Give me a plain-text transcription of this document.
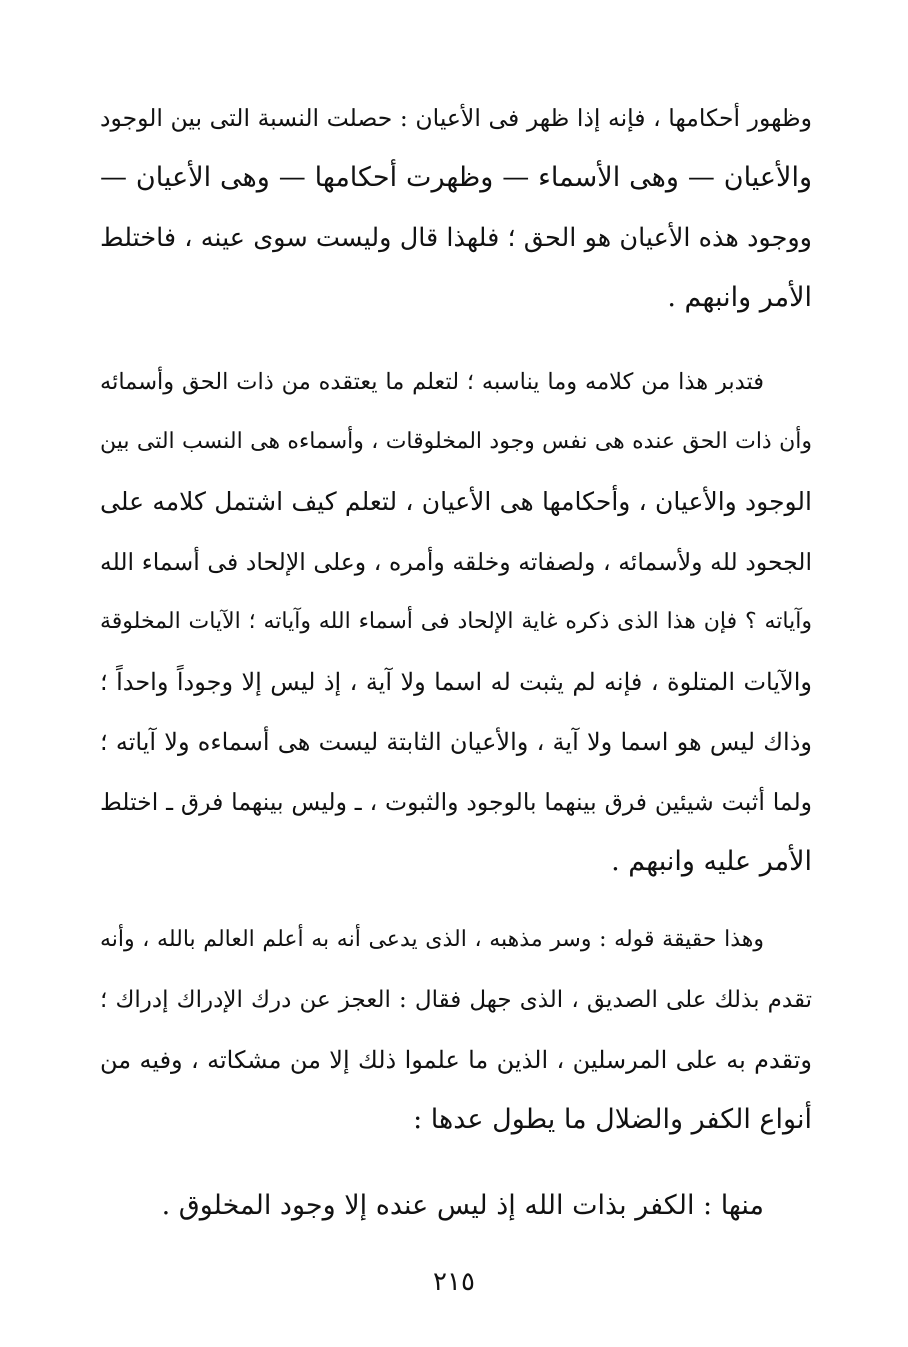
وظهور أحكامها ، فإنه إذا ظهر فى الأعيان : حصلت النسبة التى بين الوجود
والأعيان — وهى الأسماء — وظهرت أحكامها — وهى الأعيان —
ووجود هذه الأعيان هو الحق ؛ فلهذا قال وليست سوى عينه ، فاختلط
الأمر وانبهم .
فتدبر هذا من كلامه وما يناسبه ؛ لتعلم ما يعتقده من ذات الحق وأسمائه
وأن ذات الحق عنده هى نفس وجود المخلوقات ، وأسماءه هى النسب التى بين
الوجود والأعيان ، وأحكامها هى الأعيان ، لتعلم كيف اشتمل كلامه على
الجحود لله ولأسمائه ، ولصفاته وخلقه وأمره ، وعلى الإلحاد فى أسماء الله
وآياته ؟ فإن هذا الذى ذكره غاية الإلحاد فى أسماء الله وآياته ؛ الآيات المخلوقة
والآيات المتلوة ، فإنه لم يثبت له اسما ولا آية ، إذ ليس إلا وجوداً واحداً ؛
وذاك ليس هو اسما ولا آية ، والأعيان الثابتة ليست هى أسماءه ولا آياته ؛
ولما أثبت شيئين فرق بينهما بالوجود والثبوت ، ـ وليس بينهما فرق ـ اختلط
الأمر عليه وانبهم .
وهذا حقيقة قوله : وسر مذهبه ، الذى يدعى أنه به أعلم العالم بالله ، وأنه
تقدم بذلك على الصديق ، الذى جهل فقال : العجز عن درك الإدراك إدراك ؛
وتقدم به على المرسلين ، الذين ما علموا ذلك إلا من مشكاته ، وفيه من
أنواع الكفر والضلال ما يطول عدها :
منها : الكفر بذات الله إذ ليس عنده إلا وجود المخلوق .
٢١٥
